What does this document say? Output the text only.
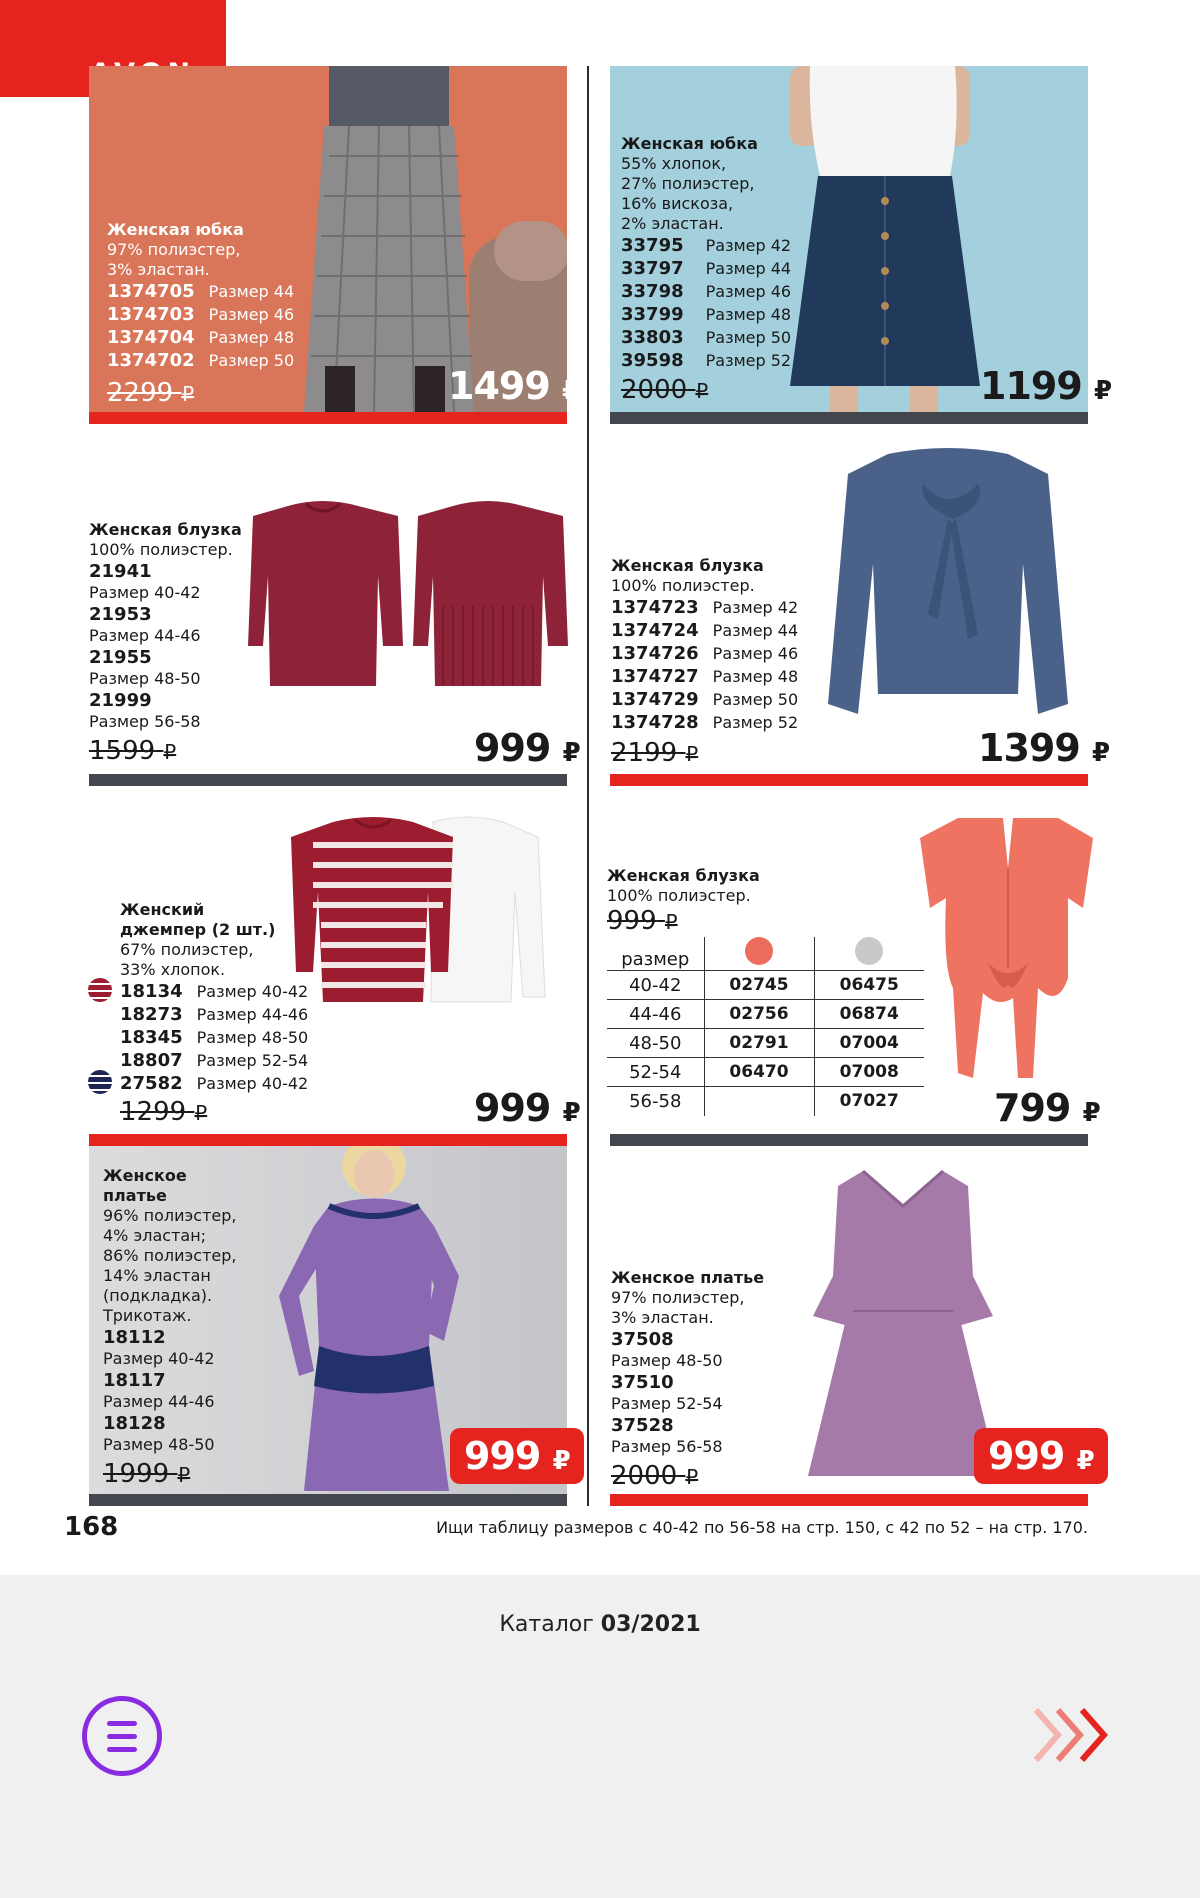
Женская юбка
97% полиэстер,
3% эластан.
1374705 Размер 44
1374703 Размер 46
1374704 Размер 48
1374702 Размер 50
2299 ₽	1499 ₽
Женская юбка
55% хлопок,
27% полиэстер,
16% вискоза,
2% эластан.
33795 Размер 42
33797 Размер 44
33798 Размер 46
33799 Размер 48
33803 Размер 50
39598 Размер 52
2000 ₽	1199 ₽
Женская блузка
100% полиэстер.
21941
Размер 40-42
21953
Размер 44-46
21955
Размер 48-50
21999
Размер 56-58
1599 ₽	999 ₽
Женская блузка
100% полиэстер.
1374723 Размер 42
1374724 Размер 44
1374726 Размер 46
1374727 Размер 48
1374729 Размер 50
1374728 Размер 52
2199 ₽	1399 ₽
Женский
джемпер (2 шт.)
67% полиэстер,
33% хлопок.
18134 Размер 40-42
18273 Размер 44-46
18345 Размер 48-50
18807 Размер 52-54
27582 Размер 40-42
1299 ₽	999 ₽
Женская блузка
100% полиэстер.
999 ₽
размер		
40-42	02745	06475
44-46	02756	06874
48-50	02791	07004
52-54	06470	07008
56-58		07027	799 ₽
Женское
платье
96% полиэстер,
4% эластан;
86% полиэстер,
14% эластан
(подкладка).
Трикотаж.
18112
Размер 40-42
18117
Размер 44-46
18128
Размер 48-50
1999 ₽	999 ₽
Женское платье
97% полиэстер,
3% эластан.
37508
Размер 48-50
37510
Размер 52-54
37528
Размер 56-58
2000 ₽	999 ₽
168	Ищи таблицу размеров с 40-42 по 56-58 на стр. 150, с 42 по 52 – на стр. 170.
Каталог 03/2021
